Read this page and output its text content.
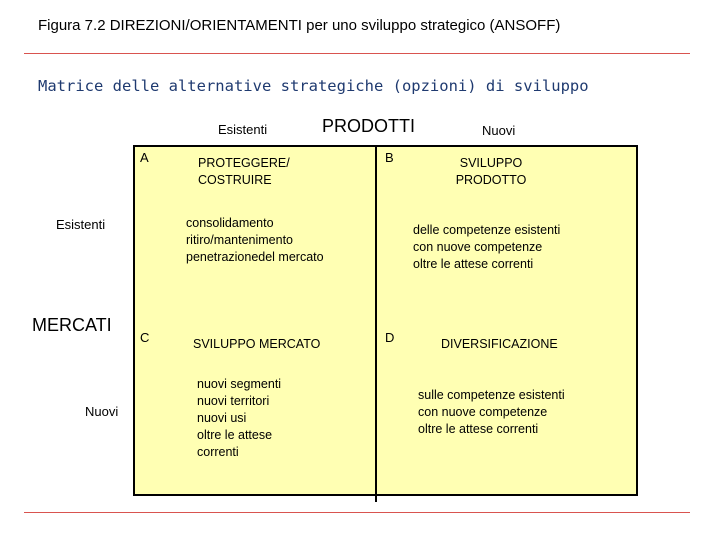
Figura 7.2 DIREZIONI/ORIENTAMENTI per uno sviluppo strategico (ANSOFF)
Matrice delle alternative strategiche (opzioni) di sviluppo
Esistenti	PRODOTTI	Nuovi
Esistenti
MERCATI
Nuovi
A	PROTEGGERE/
COSTRUIRE
consolidamento
ritiro/mantenimento
penetrazionedel mercato
B	SVILUPPO
PRODOTTO
delle competenze esistenti
con nuove competenze
oltre le attese correnti
C	SVILUPPO MERCATO
nuovi segmenti
nuovi territori
nuovi usi
oltre le attese
correnti
D	DIVERSIFICAZIONE
sulle competenze esistenti
con nuove competenze
oltre le attese correnti
